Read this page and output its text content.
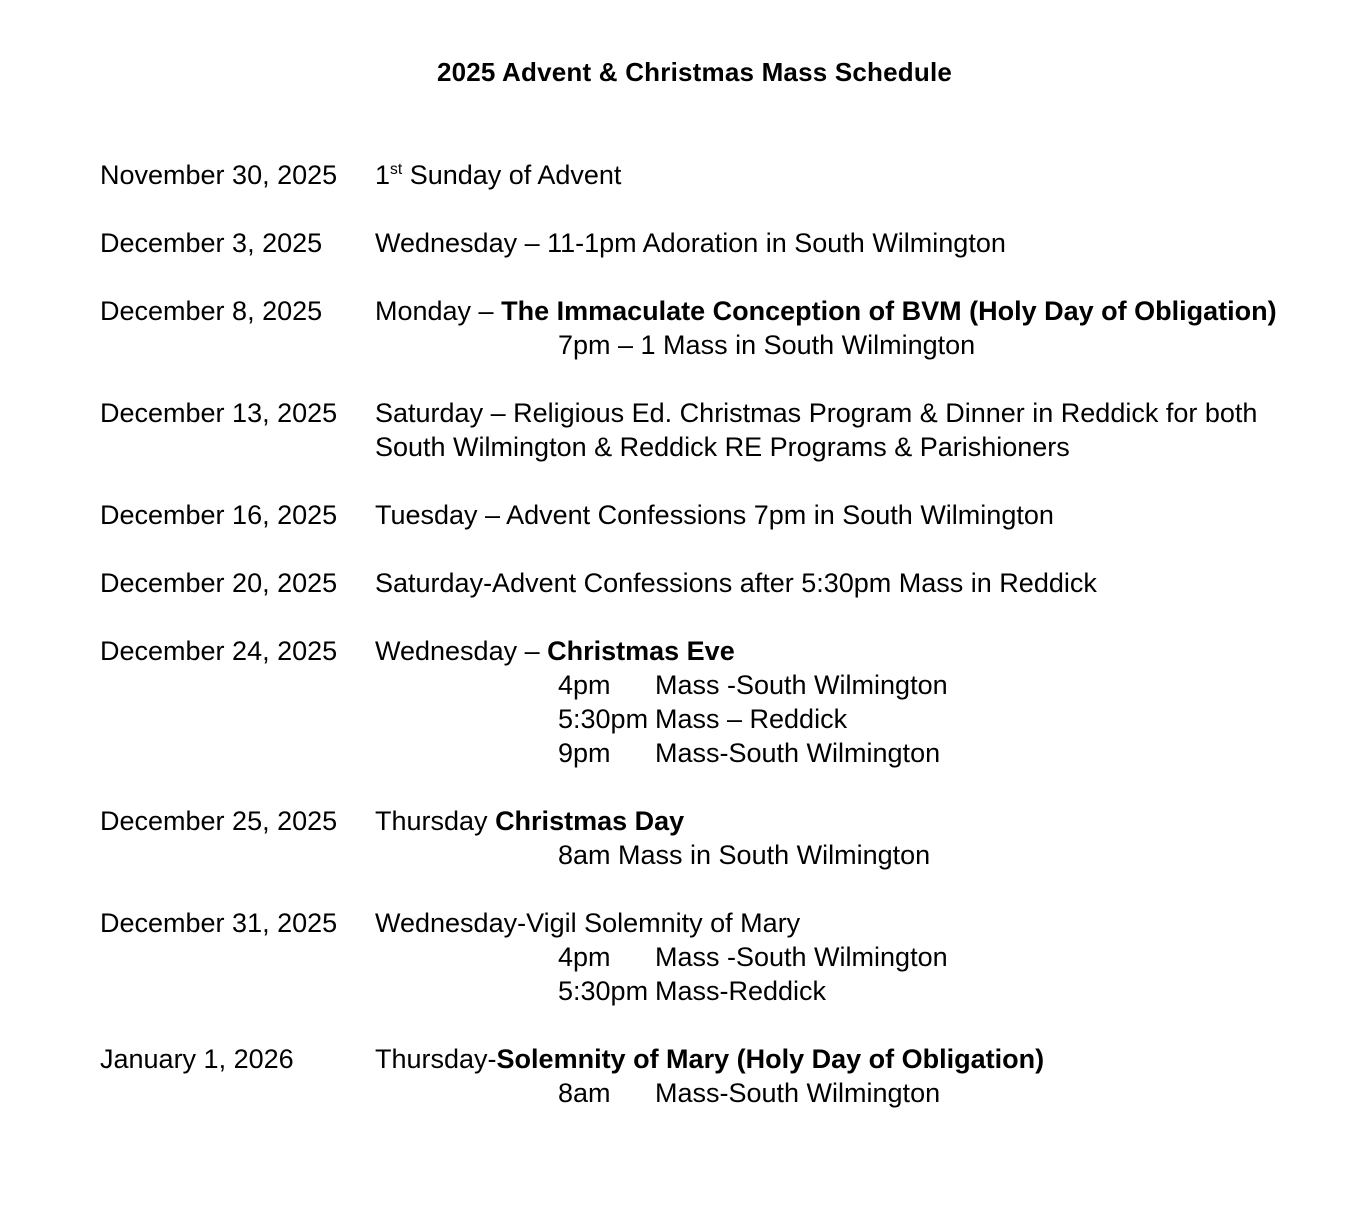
2025 Advent & Christmas Mass Schedule
November 30, 2025	1st Sunday of Advent
December 3, 2025	Wednesday – 11-1pm Adoration in South Wilmington
December 8, 2025	Monday – The Immaculate Conception of BVM (Holy Day of Obligation)
7pm – 1 Mass in South Wilmington
December 13, 2025	Saturday – Religious Ed. Christmas Program & Dinner in Reddick for both
South Wilmington & Reddick RE Programs & Parishioners
December 16, 2025	Tuesday – Advent Confessions 7pm in South Wilmington
December 20, 2025	Saturday-Advent Confessions after 5:30pm Mass in Reddick
December 24, 2025	Wednesday – Christmas Eve
4pm Mass -South Wilmington
5:30pm Mass – Reddick
9pm Mass-South Wilmington
December 25, 2025	Thursday Christmas Day
8am Mass in South Wilmington
December 31, 2025	Wednesday-Vigil Solemnity of Mary
4pm Mass -South Wilmington
5:30pm Mass-Reddick
January 1, 2026	Thursday-Solemnity of Mary (Holy Day of Obligation)
8am Mass-South Wilmington
